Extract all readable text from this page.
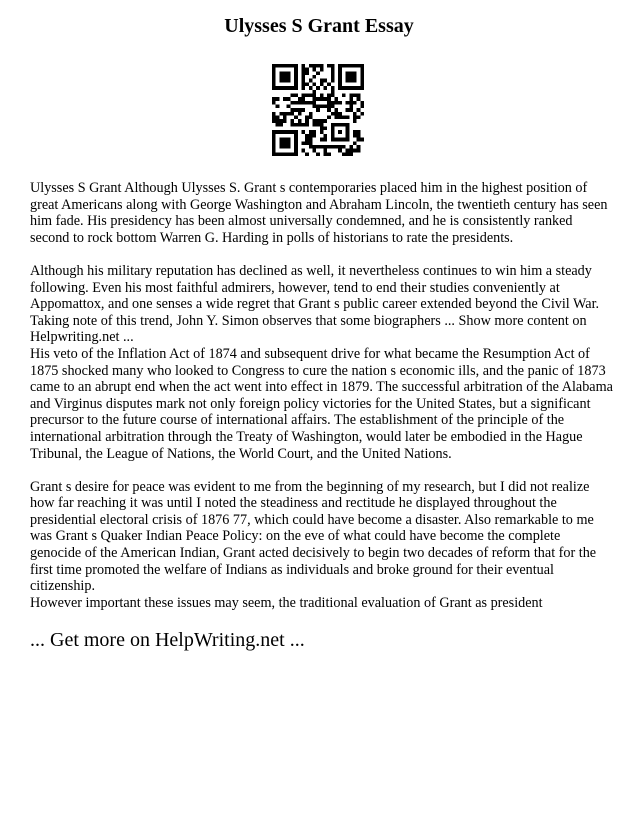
Ulysses S Grant Essay
Ulysses S Grant Although Ulysses S. Grant s contemporaries placed him in the highest position of
great Americans along with George Washington and Abraham Lincoln, the twentieth century has seen
him fade. His presidency has been almost universally condemned, and he is consistently ranked
second to rock bottom Warren G. Harding in polls of historians to rate the presidents.
Although his military reputation has declined as well, it nevertheless continues to win him a steady
following. Even his most faithful admirers, however, tend to end their studies conveniently at
Appomattox, and one senses a wide regret that Grant s public career extended beyond the Civil War.
Taking note of this trend, John Y. Simon observes that some biographers ... Show more content on
Helpwriting.net ...
His veto of the Inflation Act of 1874 and subsequent drive for what became the Resumption Act of
1875 shocked many who looked to Congress to cure the nation s economic ills, and the panic of 1873
came to an abrupt end when the act went into effect in 1879. The successful arbitration of the Alabama
and Virginus disputes mark not only foreign policy victories for the United States, but a significant
precursor to the future course of international affairs. The establishment of the principle of the
international arbitration through the Treaty of Washington, would later be embodied in the Hague
Tribunal, the League of Nations, the World Court, and the United Nations.
Grant s desire for peace was evident to me from the beginning of my research, but I did not realize
how far reaching it was until I noted the steadiness and rectitude he displayed throughout the
presidential electoral crisis of 1876 77, which could have become a disaster. Also remarkable to me
was Grant s Quaker Indian Peace Policy: on the eve of what could have become the complete
genocide of the American Indian, Grant acted decisively to begin two decades of reform that for the
first time promoted the welfare of Indians as individuals and broke ground for their eventual
citizenship.
However important these issues may seem, the traditional evaluation of Grant as president
... Get more on HelpWriting.net ...
